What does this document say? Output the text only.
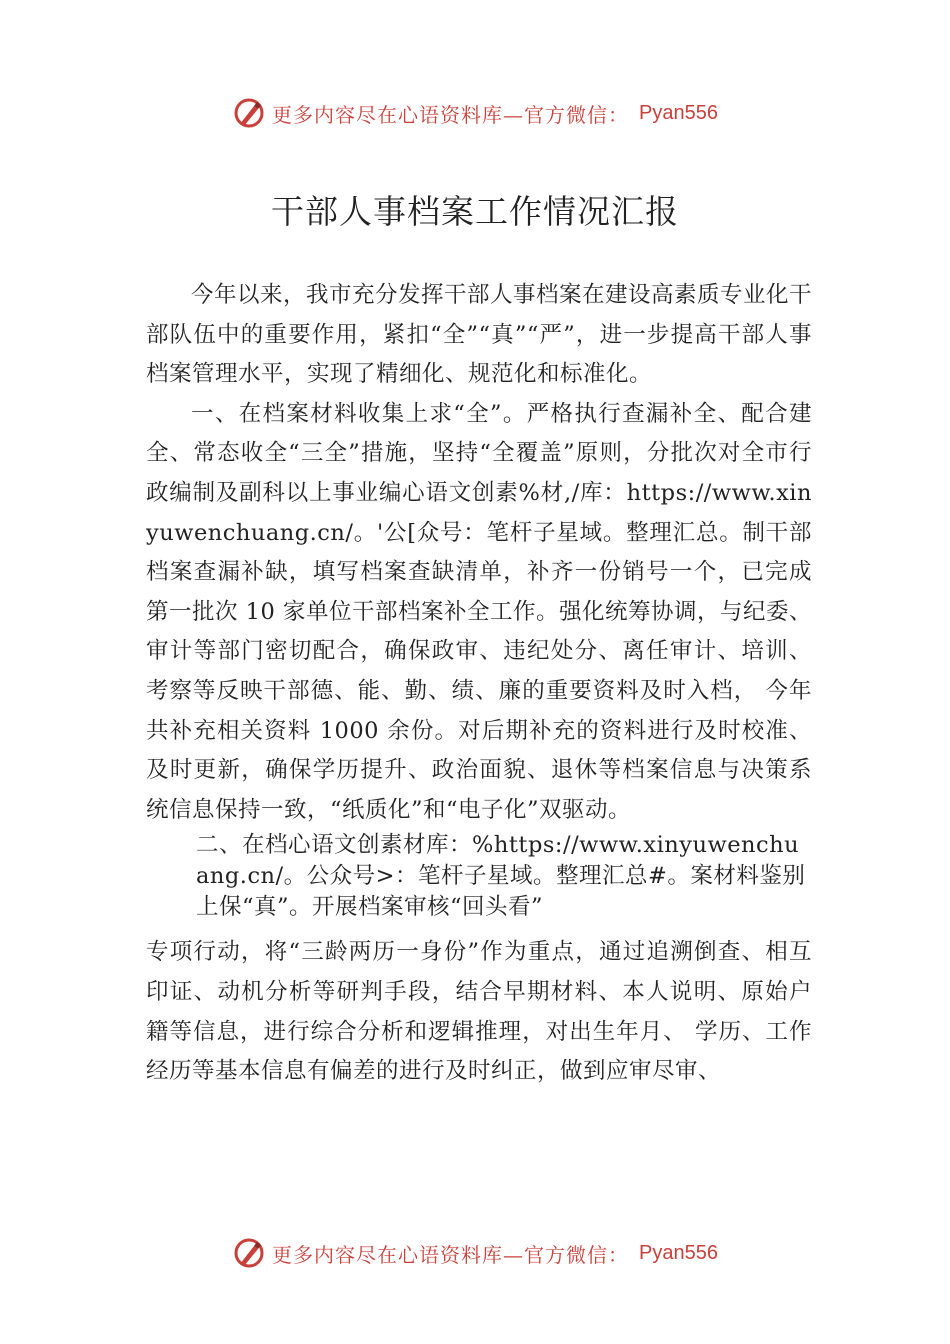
更多内容尽在心语资料库—官方微信： Pyan556
干部人事档案工作情况汇报

今年以来，我市充分发挥干部人事档案在建设高素质专业化干部队伍中的重要作用，紧扣“全”“真”“严”，进一步提高干部人事档案管理水平，实现了精细化、规范化和标准化。

一、在档案材料收集上求“全”。严格执行查漏补全、配合建全、常态收全“三全”措施，坚持“全覆盖”原则，分批次对全市行政编制及副科以上事业编心语文创素%材,/库：https://www.xinyuwenchuang.cn/。'公[众号：笔杆子星域。整理汇总。制干部档案查漏补缺，填写档案查缺清单，补齐一份销号一个，已完成第一批次 10 家单位干部档案补全工作。强化统筹协调，与纪委、审计等部门密切配合，确保政审、违纪处分、离任审计、培训、考察等反映干部德、能、勤、绩、廉的重要资料及时入档， 今年共补充相关资料 1000 余份。对后期补充的资料进行及时校准、及时更新，确保学历提升、政治面貌、退休等档案信息与决策系统信息保持一致，“纸质化”和“电子化”双驱动。

二、在档心语文创素材库：%https://www.xinyuwenchuang.cn/。公众号>：笔杆子星域。整理汇总#。案材料鉴别上保“真”。开展档案审核“回头看”

专项行动，将“三龄两历一身份”作为重点，通过追溯倒查、相互印证、动机分析等研判手段，结合早期材料、本人说明、原始户籍等信息，进行综合分析和逻辑推理，对出生年月、 学历、工作经历等基本信息有偏差的进行及时纠正，做到应审尽审、

更多内容尽在心语资料库—官方微信： Pyan556
